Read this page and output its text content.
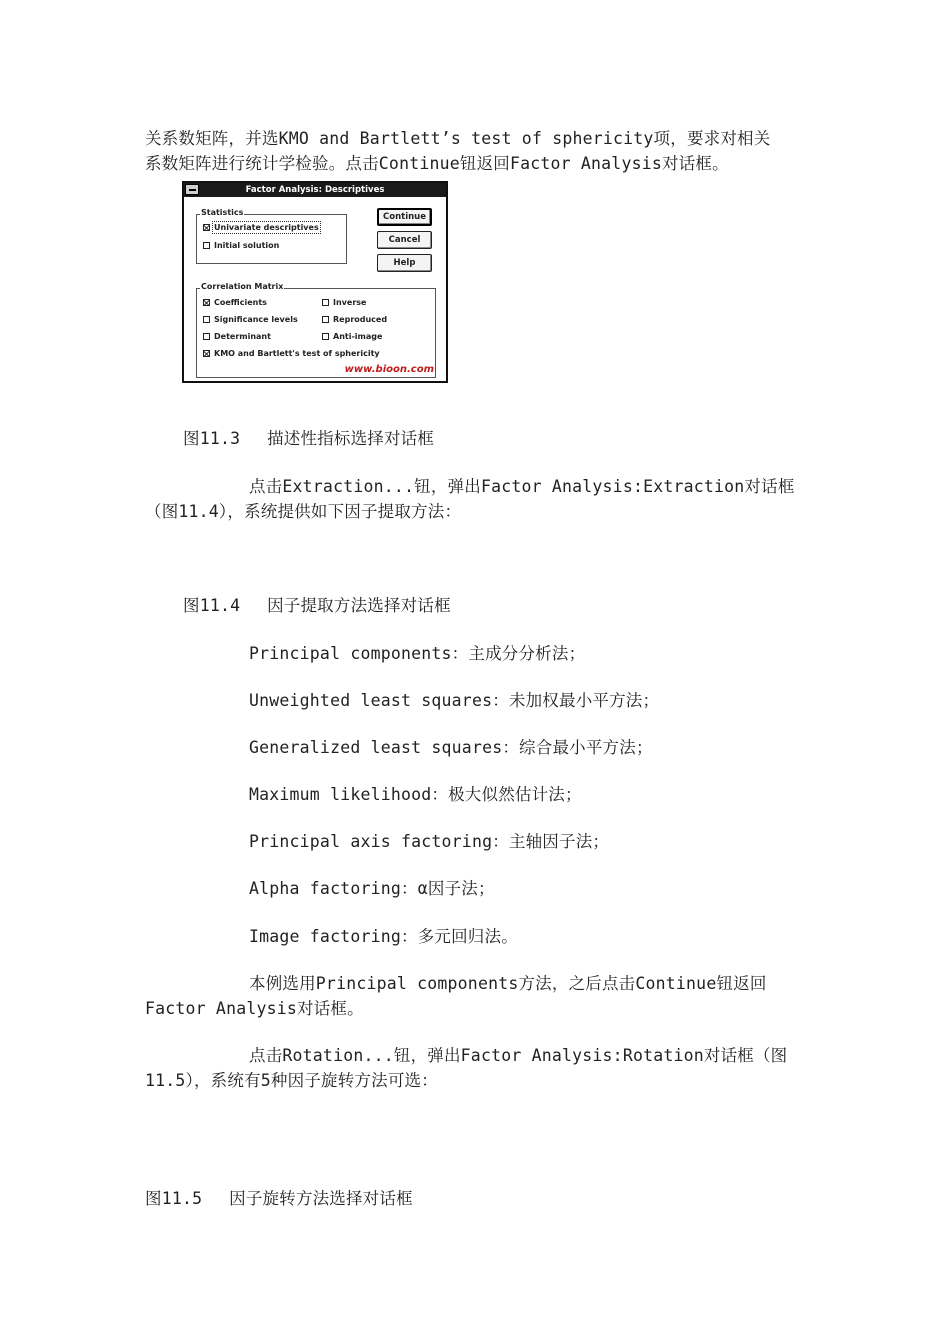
关系数矩阵，并选KMO and Bartlett’s test of sphericity项，要求对相关
系数矩阵进行统计学检验。点击Continue钮返回Factor Analysis对话框。
Factor Analysis: Descriptives
Statistics
Univariate descriptives
Initial solution
Continue
Cancel
Help
Correlation Matrix
Coefficients	Inverse
Significance levels	Reproduced
Determinant	Anti-image
KMO and Bartlett's test of sphericity
www.bioon.com
图11.3　 描述性指标选择对话框
点击Extraction...钮，弹出Factor Analysis:Extraction对话框
（图11.4），系统提供如下因子提取方法：
图11.4　 因子提取方法选择对话框
Principal components：主成分分析法；
Unweighted least squares：未加权最小平方法；
Generalized least squares：综合最小平方法；
Maximum likelihood：极大似然估计法；
Principal axis factoring：主轴因子法；
Alpha factoring：α因子法；
Image factoring：多元回归法。
本例选用Principal components方法，之后点击Continue钮返回
Factor Analysis对话框。
点击Rotation...钮，弹出Factor Analysis:Rotation对话框（图
11.5），系统有5种因子旋转方法可选：
图11.5　 因子旋转方法选择对话框
